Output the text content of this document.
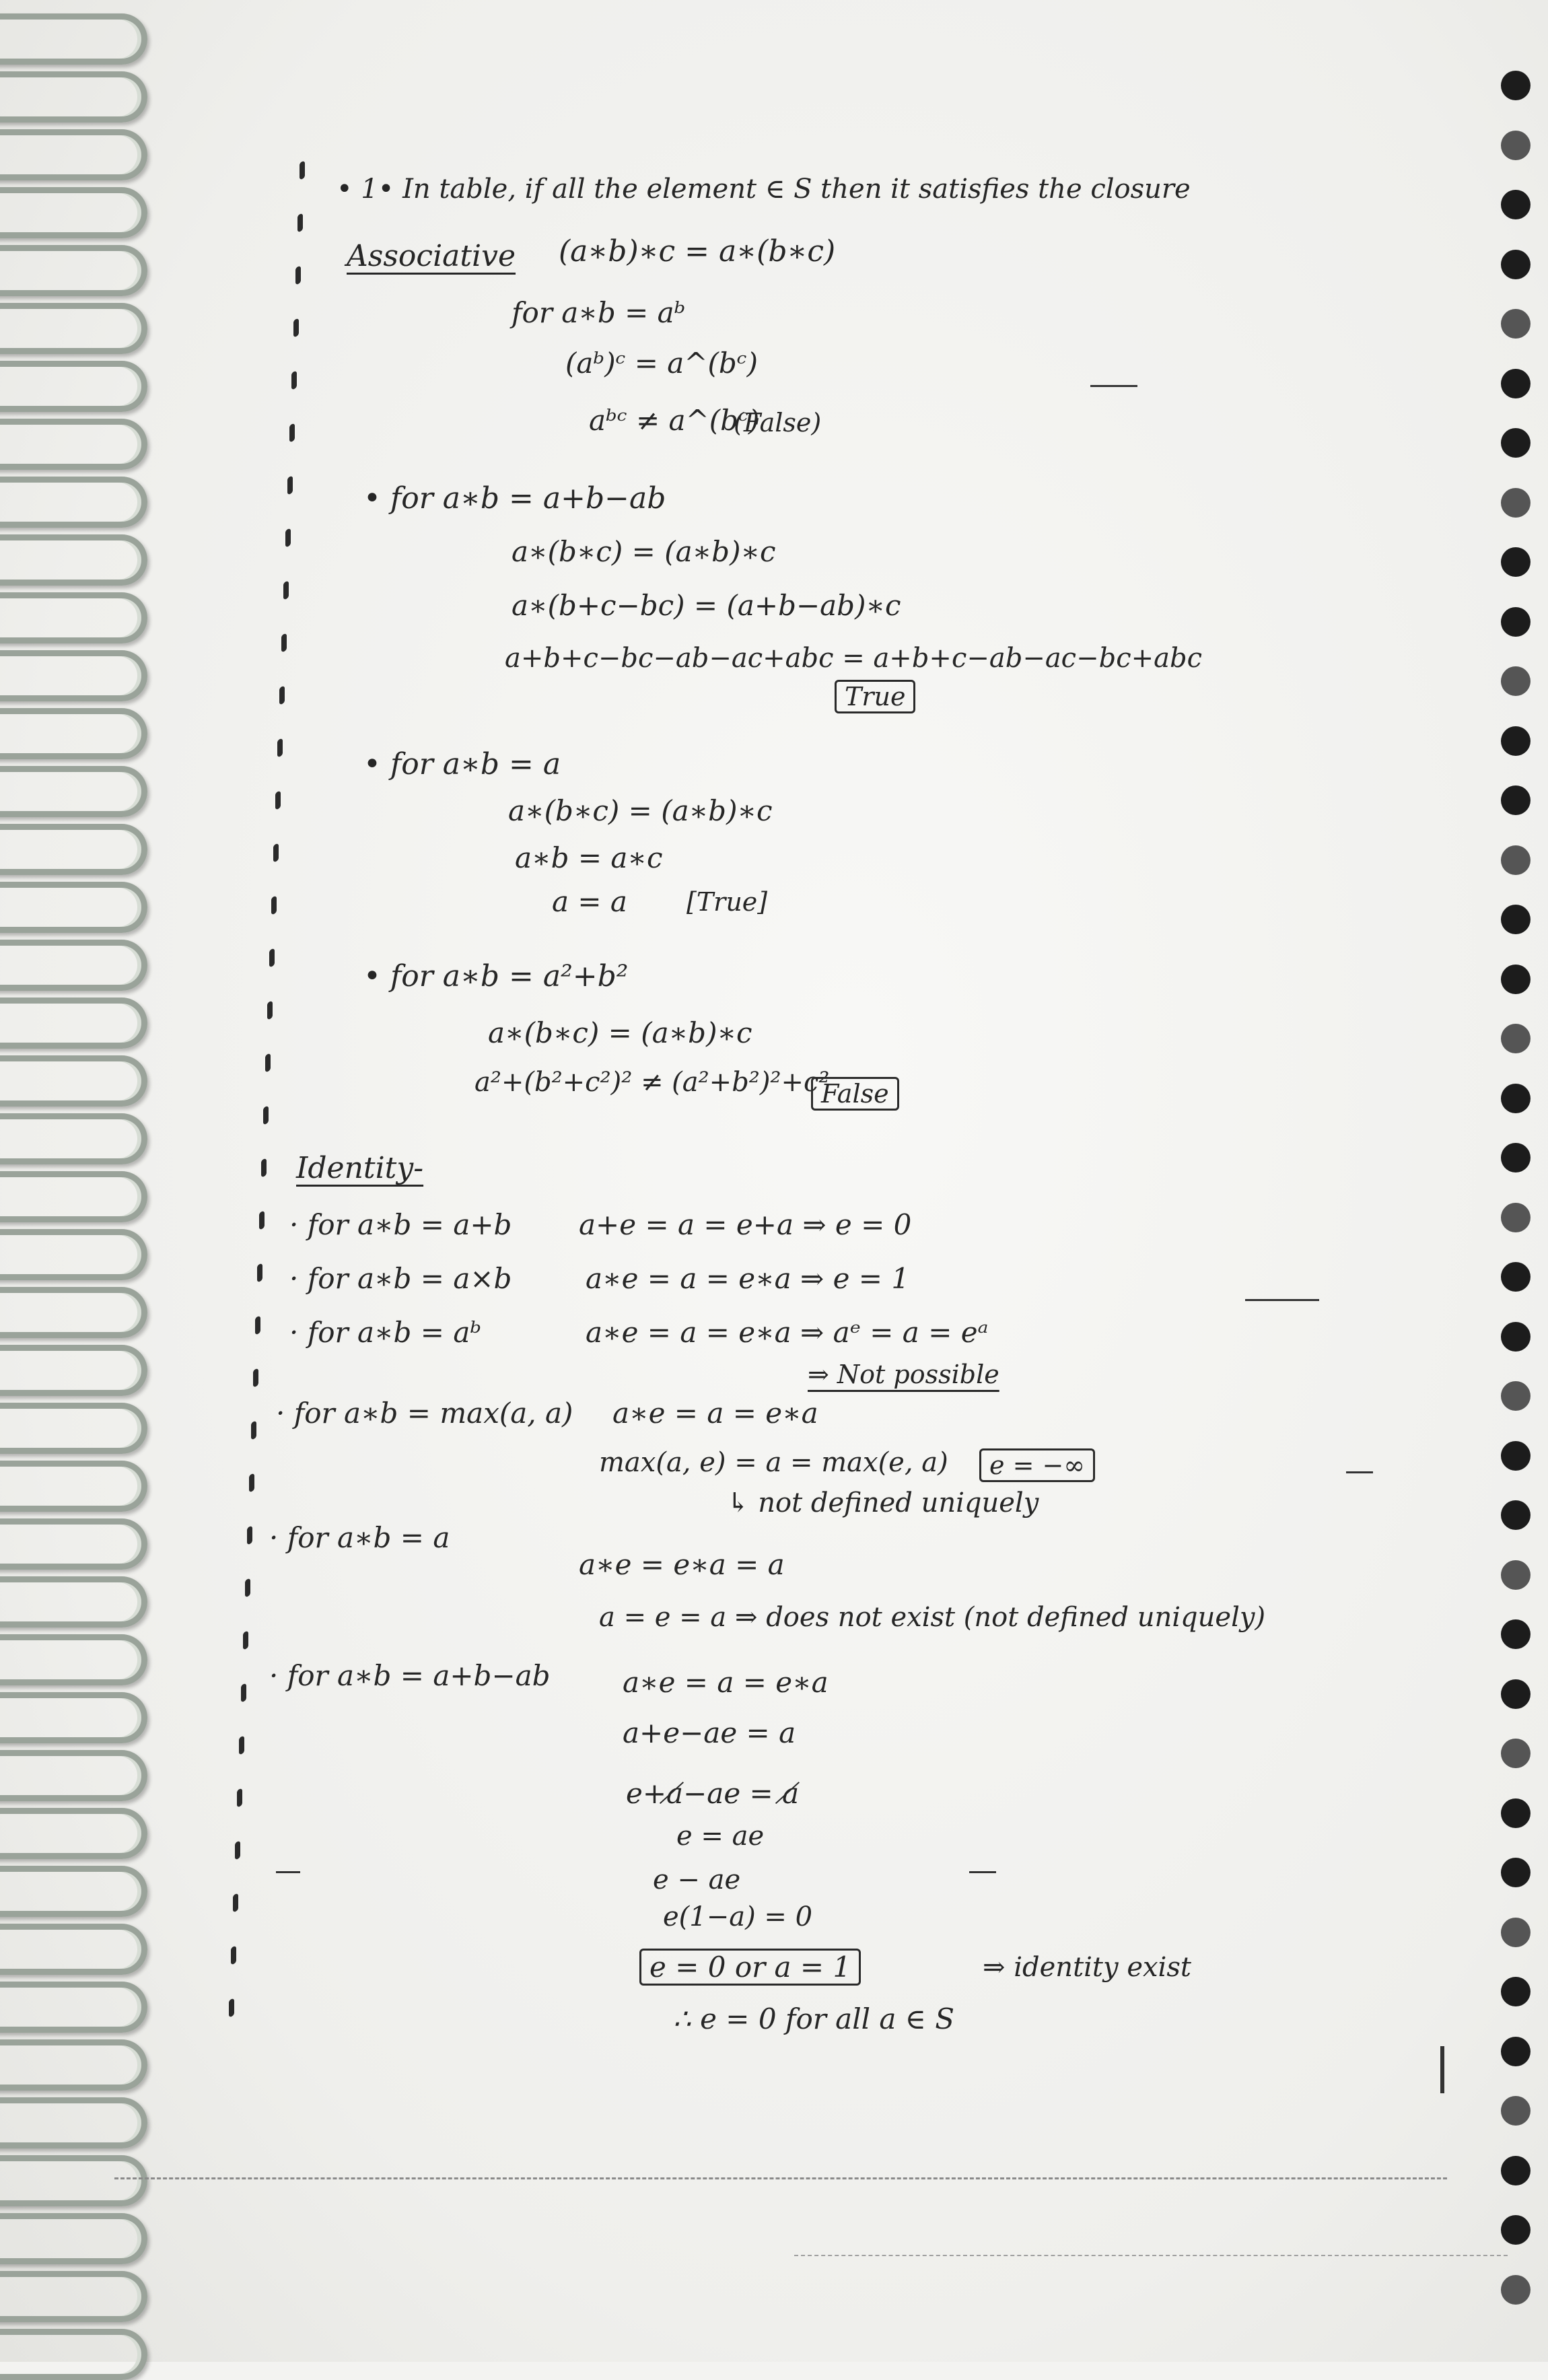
• 1• In table, if all the element ∈ S then it satisfies the closure
Associative (a∗b)∗c = a∗(b∗c)
for a∗b = aᵇ
(aᵇ)ᶜ = a^(bᶜ)
aᵇᶜ ≠ a^(bᶜ)
(False)
• for a∗b = a+b−ab
a∗(b∗c) = (a∗b)∗c
a∗(b+c−bc) = (a+b−ab)∗c
a+b+c−bc−ab−ac+abc = a+b+c−ab−ac−bc+abc
True
• for a∗b = a
a∗(b∗c) = (a∗b)∗c
a∗b = a∗c
a = a [True]
• for a∗b = a²+b²
a∗(b∗c) = (a∗b)∗c
a²+(b²+c²)² ≠ (a²+b²)²+c²
False
Identity-
· for a∗b = a+b a+e = a = e+a ⇒ e = 0
· for a∗b = a×b	a∗e = a = e∗a ⇒ e = 1
· for a∗b = aᵇ	a∗e = a = e∗a ⇒ aᵉ = a = eᵃ
⇒ Not possible
· for a∗b = max(a, a) a∗e = a = e∗a
max(a, e) = a = max(e, a)	e = −∞
↳ not defined uniquely
· for a∗b = a
a∗e = e∗a = a
a = e = a ⇒ does not exist (not defined uniquely)
· for a∗b = a+b−ab	a∗e = a = e∗a
a+e−ae = a
e+a̸−ae = a̸
e = ae
e − ae
e(1−a) = 0
e = 0 or a = 1	⇒ identity exist
∴ e = 0 for all a ∈ S
